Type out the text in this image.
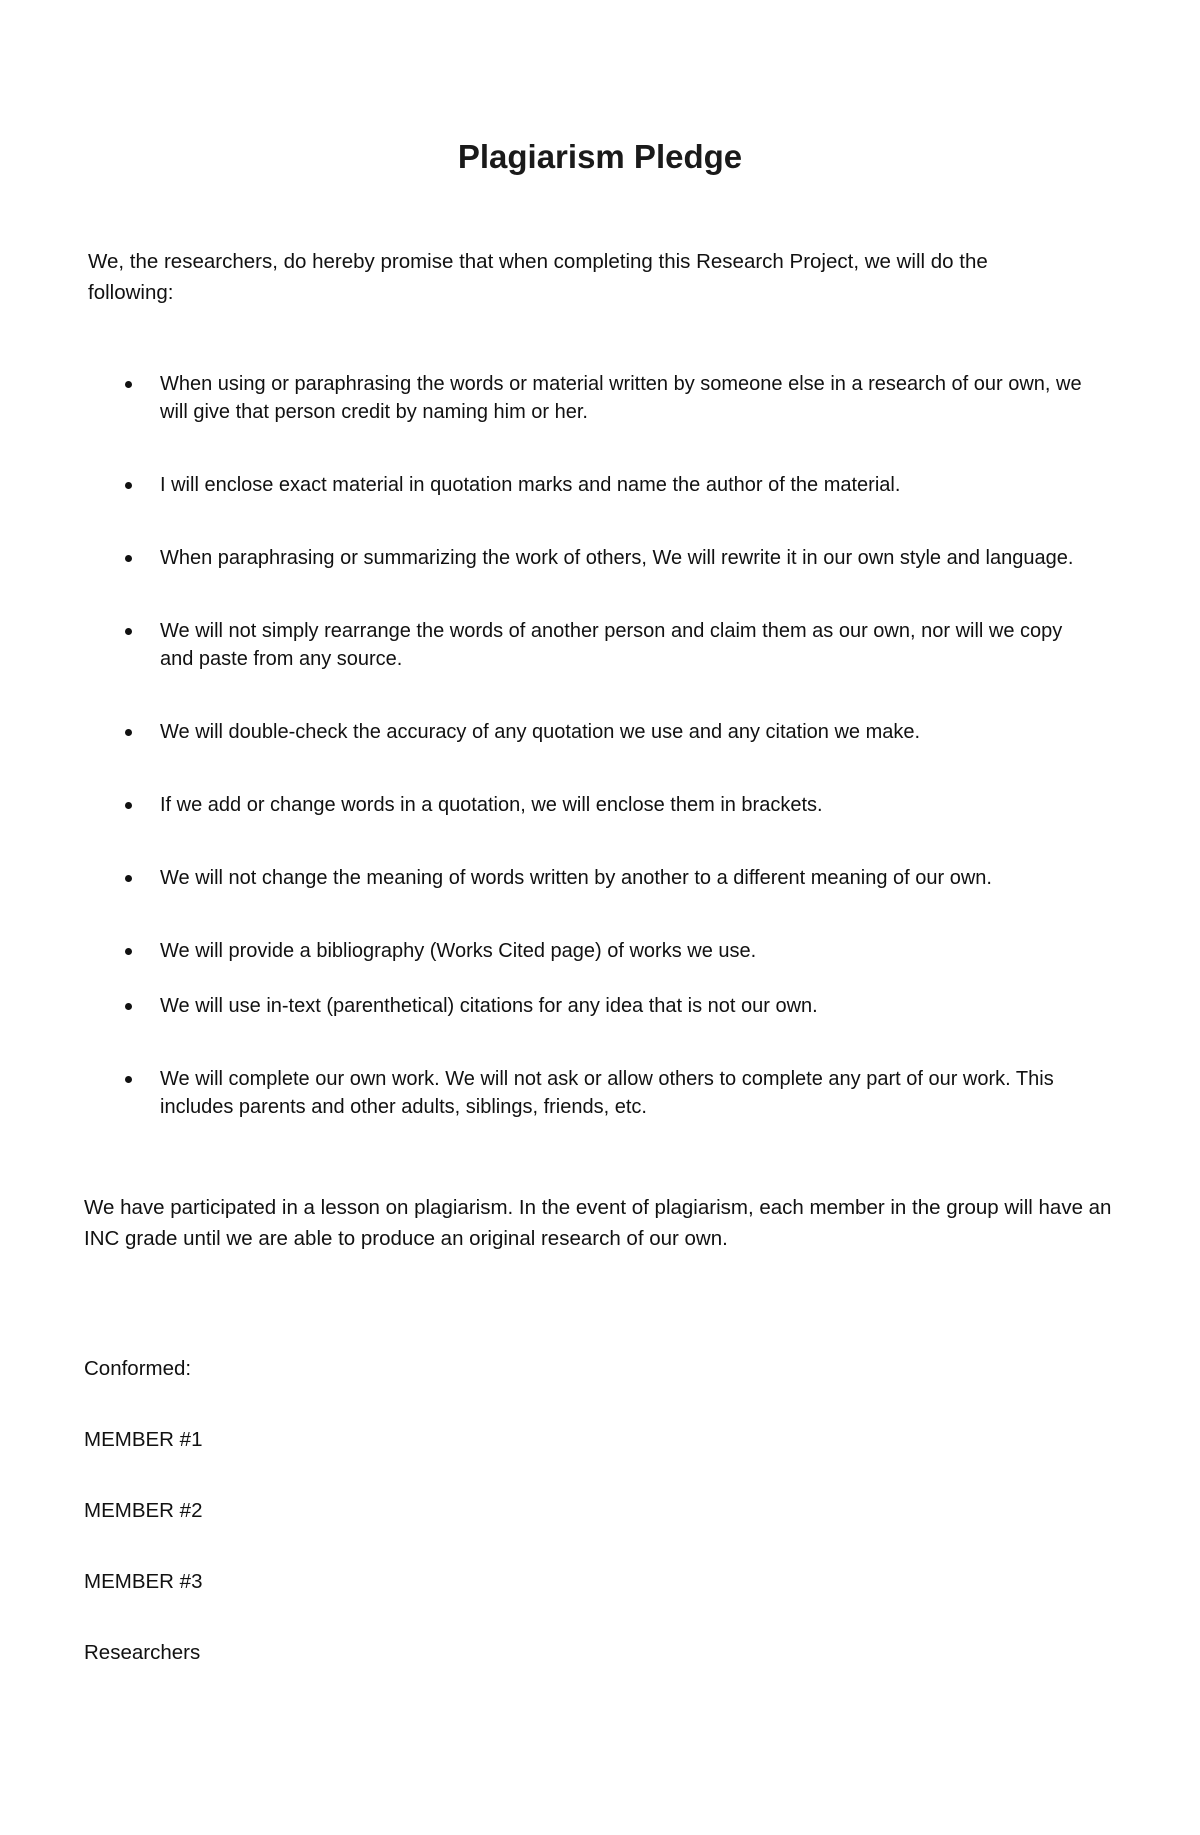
Plagiarism Pledge

We, the researchers, do hereby promise that when completing this Research Project, we will do the following:

When using or paraphrasing the words or material written by someone else in a research of our own, we will give that person credit by naming him or her.
I will enclose exact material in quotation marks and name the author of the material.
When paraphrasing or summarizing the work of others, We will rewrite it in our own style and language.
We will not simply rearrange the words of another person and claim them as our own, nor will we copy and paste from any source.
We will double-check the accuracy of any quotation we use and any citation we make.
If we add or change words in a quotation, we will enclose them in brackets.
We will not change the meaning of words written by another to a different meaning of our own.
We will provide a bibliography (Works Cited page) of works we use.
We will use in-text (parenthetical) citations for any idea that is not our own.
We will complete our own work. We will not ask or allow others to complete any part of our work. This includes parents and other adults, siblings, friends, etc.

We have participated in a lesson on plagiarism. In the event of plagiarism, each member in the group will have an INC grade until we are able to produce an original research of our own.

Conformed:

MEMBER #1

MEMBER #2

MEMBER #3

Researchers
